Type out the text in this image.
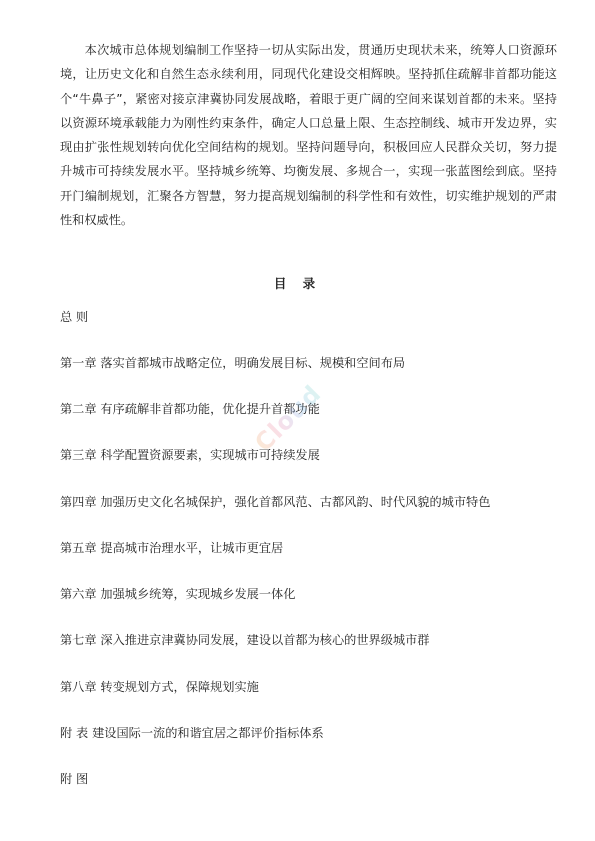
本次城市总体规划编制工作坚持一切从实际出发，贯通历史现状未来，统筹人口资源环境，让历史文化和自然生态永续利用，同现代化建设交相辉映。坚持抓住疏解非首都功能这个“牛鼻子”，紧密对接京津冀协同发展战略，着眼于更广阔的空间来谋划首都的未来。坚持以资源环境承载能力为刚性约束条件，确定人口总量上限、生态控制线、城市开发边界，实现由扩张性规划转向优化空间结构的规划。坚持问题导向，积极回应人民群众关切，努力提升城市可持续发展水平。坚持城乡统筹、均衡发展、多规合一，实现一张蓝图绘到底。坚持开门编制规划，汇聚各方智慧，努力提高规划编制的科学性和有效性，切实维护规划的严肃性和权威性。

目 录

总 则

第一章 落实首都城市战略定位，明确发展目标、规模和空间布局

第二章 有序疏解非首都功能，优化提升首都功能

第三章 科学配置资源要素，实现城市可持续发展

第四章 加强历史文化名城保护，强化首都风范、古都风韵、时代风貌的城市特色

第五章 提高城市治理水平，让城市更宜居

第六章 加强城乡统筹，实现城乡发展一体化

第七章 深入推进京津冀协同发展，建设以首都为核心的世界级城市群

第八章 转变规划方式，保障规划实施

附 表 建设国际一流的和谐宜居之都评价指标体系

附 图

Cloud
